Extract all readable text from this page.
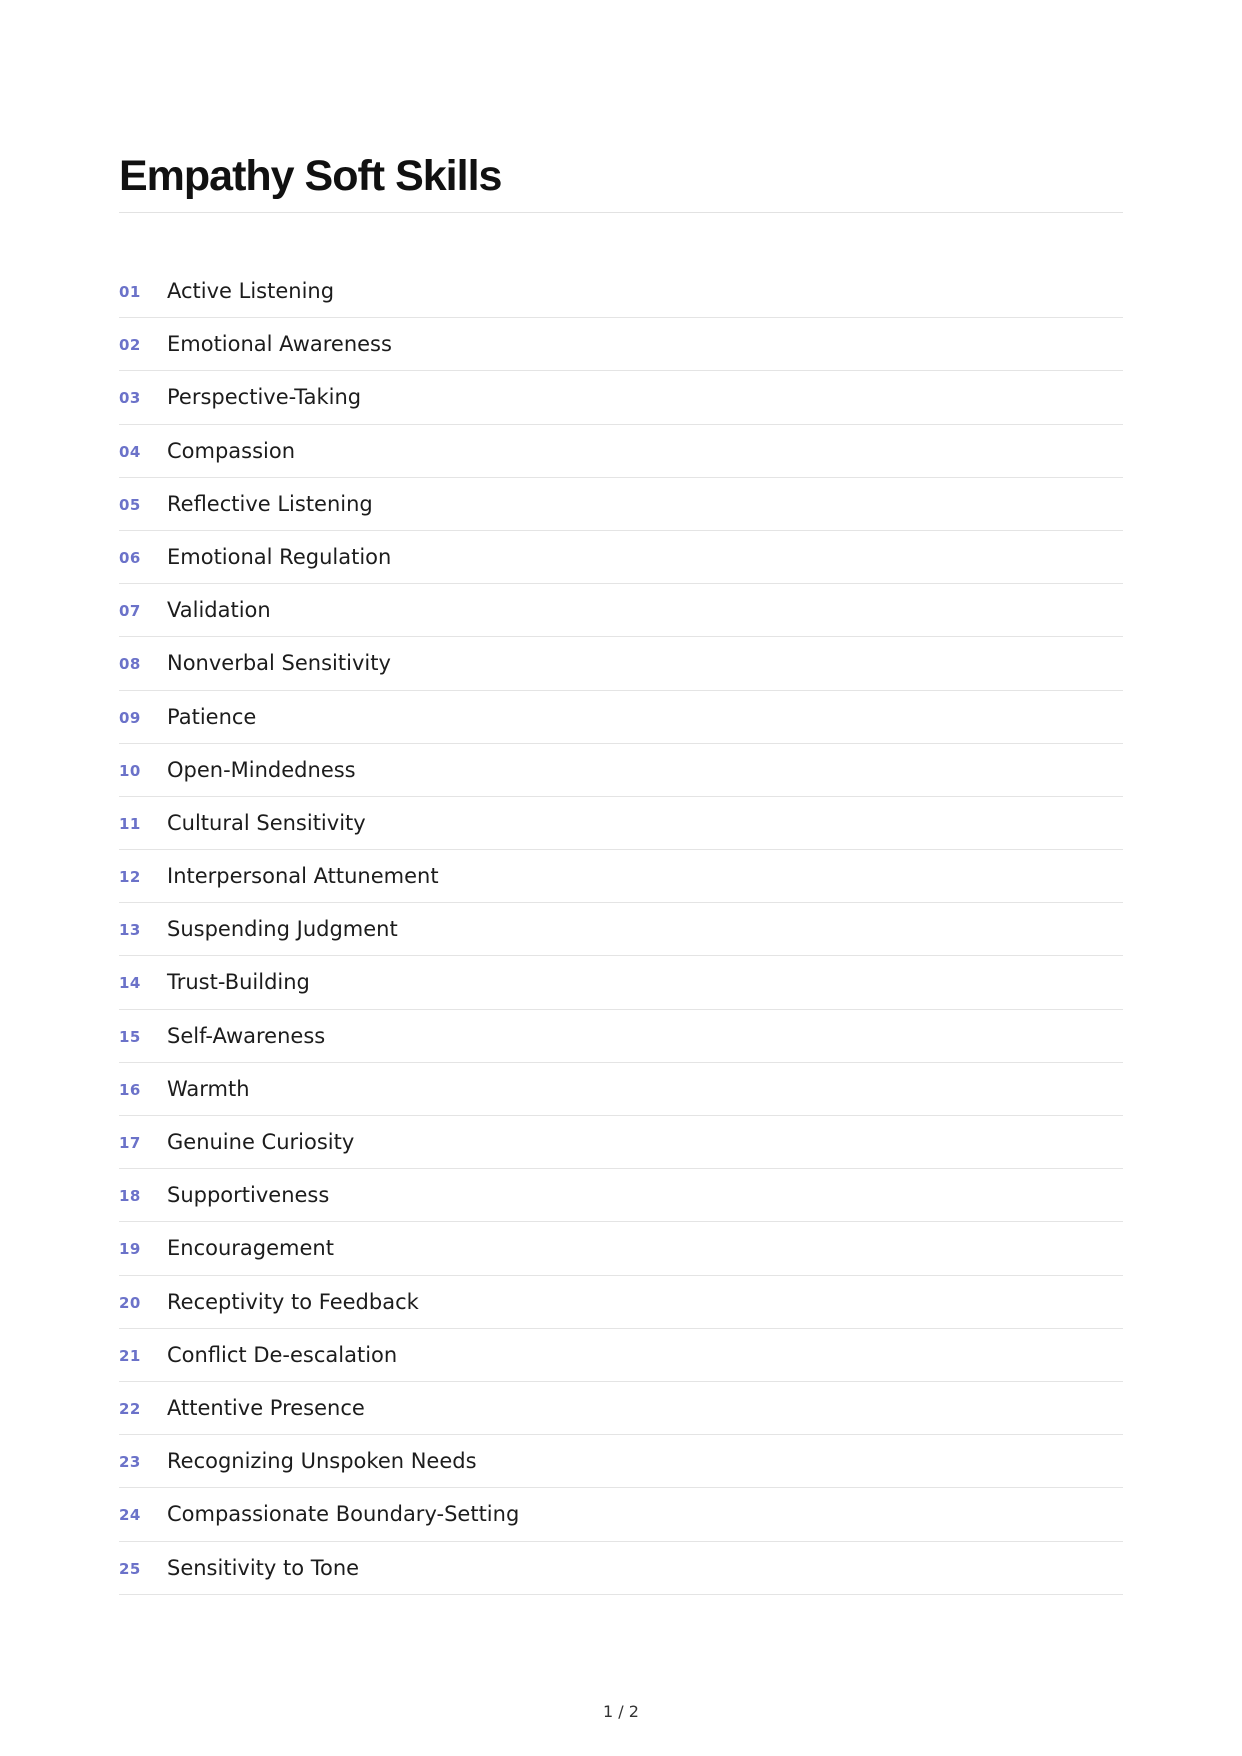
Empathy Soft Skills
01 Active Listening
02 Emotional Awareness
03 Perspective-Taking
04 Compassion
05 Reflective Listening
06 Emotional Regulation
07 Validation
08 Nonverbal Sensitivity
09 Patience
10 Open-Mindedness
11 Cultural Sensitivity
12 Interpersonal Attunement
13 Suspending Judgment
14 Trust-Building
15 Self-Awareness
16 Warmth
17 Genuine Curiosity
18 Supportiveness
19 Encouragement
20 Receptivity to Feedback
21 Conflict De-escalation
22 Attentive Presence
23 Recognizing Unspoken Needs
24 Compassionate Boundary-Setting
25 Sensitivity to Tone
1 / 2
